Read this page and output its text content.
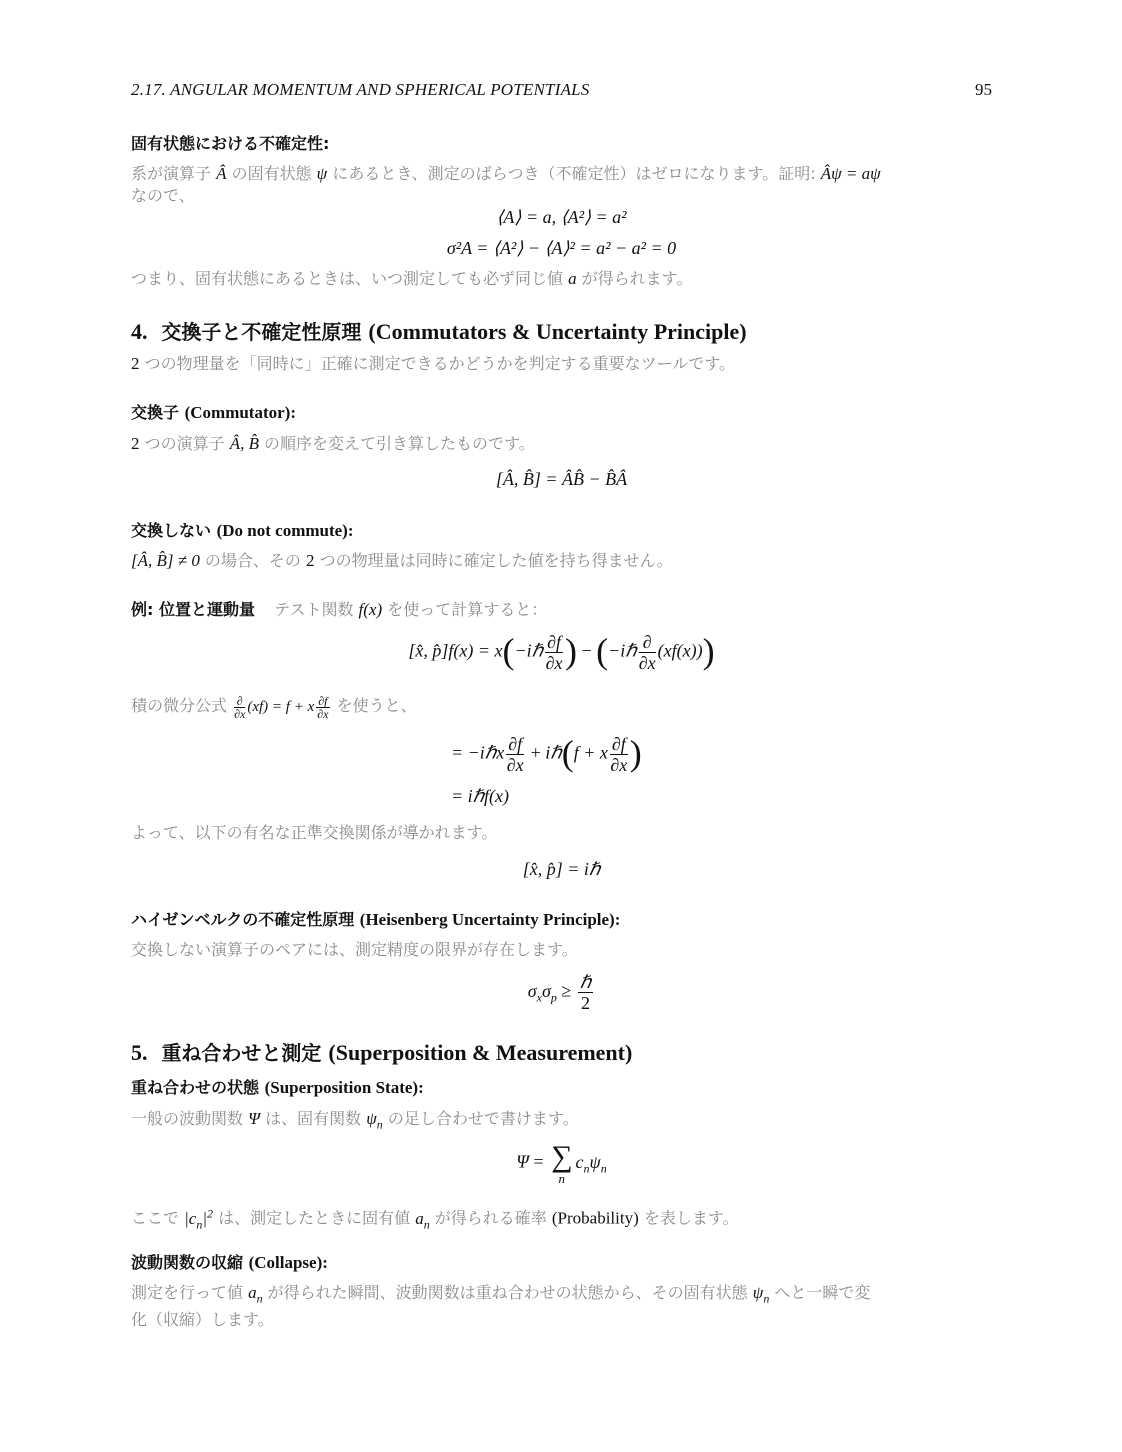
2.17. ANGULAR MOMENTUM AND SPHERICAL POTENTIALS	95
固有状態における不確定性:
系が演算子 Â の固有状態 ψ にあるとき、測定のばらつき（不確定性）はゼロになります。証明: Âψ = aψ
なので、
⟨A⟩ = a, ⟨A²⟩ = a²
σ²A = ⟨A²⟩ − ⟨A⟩² = a² − a² = 0
つまり、固有状態にあるときは、いつ測定しても必ず同じ値 a が得られます。
4. 交換子と不確定性原理 (Commutators & Uncertainty Principle)
2 つの物理量を「同時に」正確に測定できるかどうかを判定する重要なツールです。
交換子 (Commutator):
2 つの演算子 Â, B̂ の順序を変えて引き算したものです。
[Â, B̂] = ÂB̂ − B̂Â
交換しない (Do not commute):
[Â, B̂] ≠ 0 の場合、その 2 つの物理量は同時に確定した値を持ち得ません。
例: 位置と運動量 テスト関数 f(x) を使って計算すると：
[x̂, p̂]f(x) = x(−iℏ $\frac{\partial f}{\partial x}$ ) − (−iℏ $\frac{\partial}{\partial x} (xf(x))$)
積の微分公式 $\frac{\partial}{\partial x} (xf) = f + x \frac{\partial f}{\partial x}$ を使うと、
= −iℏx $\frac{\partial f}{\partial x}$ + iℏ(f + x $\frac{\partial f}{\partial x}$ )
= iℏf(x)
よって、以下の有名な正準交換関係が導かれます。
[x̂, p̂] = iℏ
ハイゼンベルクの不確定性原理 (Heisenberg Uncertainty Principle):
交換しない演算子のペアには、測定精度の限界が存在します。
$\sigma_x\sigma_p \ge \frac{\text{ℏ}}{2}$
5. 重ね合わせと測定 (Superposition & Measurement)
重ね合わせの状態 (Superposition State):
一般の波動関数 Ψ は、固有関数 $\psi_n$ の足し合わせで書けます。
Ψ = ∑
n
$c_n\psi_n$
ここで $|c_n|^2$ は、測定したときに固有値 $a_n$ が得られる確率 (Probability) を表します。
波動関数の収縮 (Collapse):
測定を行って値 $a_n$ が得られた瞬間、波動関数は重ね合わせの状態から、その固有状態 $\psi_n$ へと一瞬で変
化（収縮）します。
